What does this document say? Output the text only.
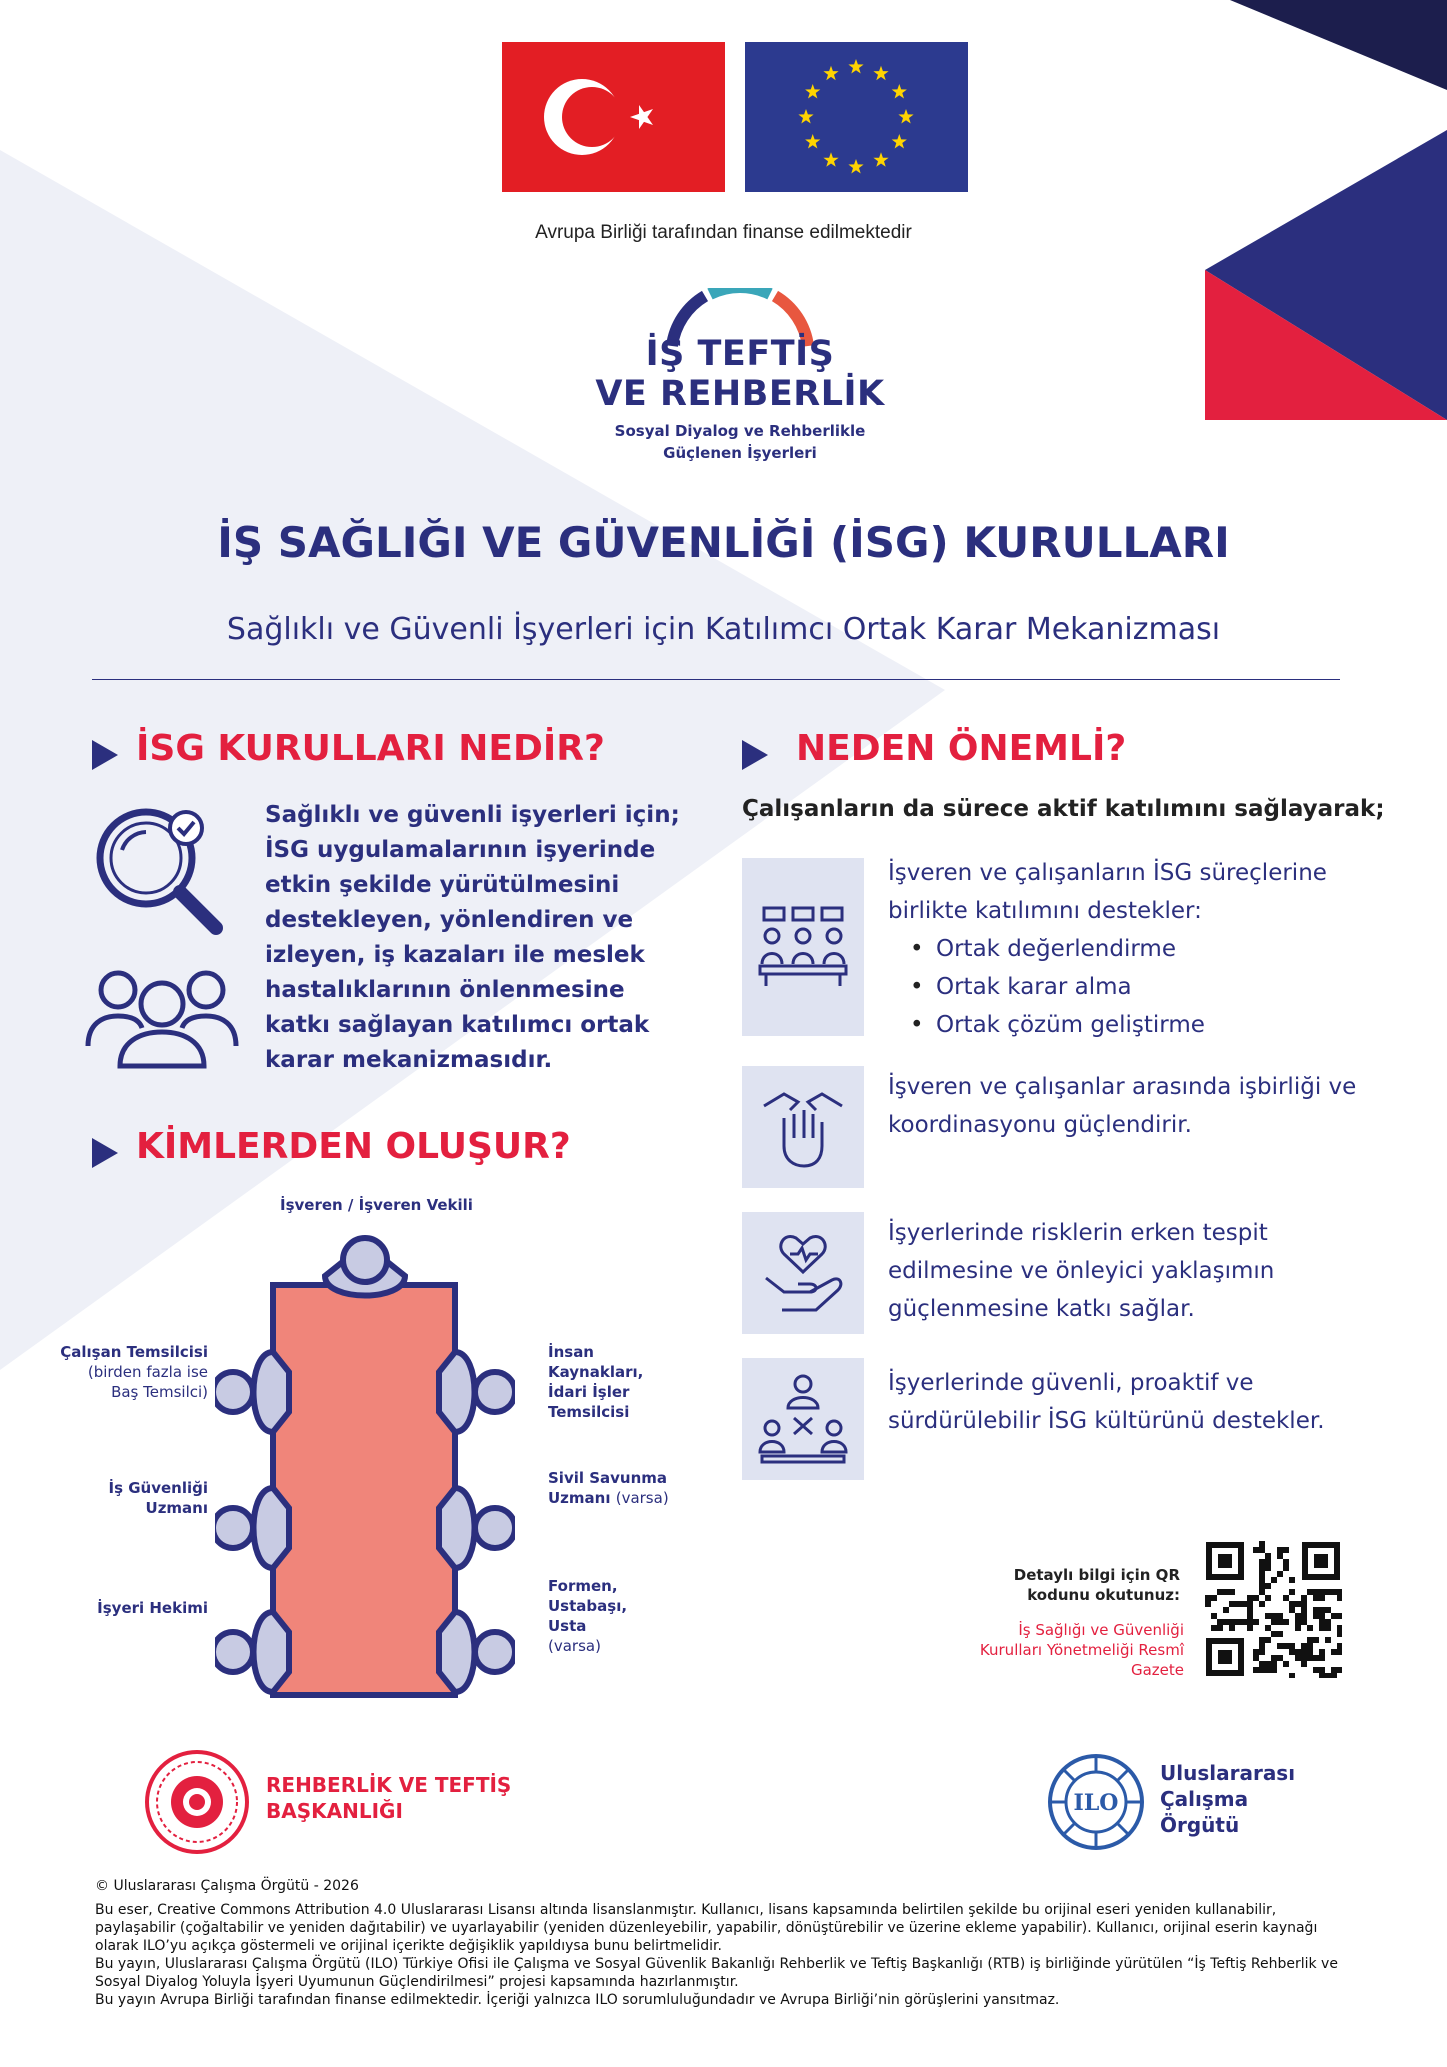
Avrupa Birliği tarafından finanse edilmektedir
İŞ TEFTİŞ
VE REHBERLİK
Sosyal Diyalog ve Rehberlikle
Güçlenen İşyerleri
İŞ SAĞLIĞI VE GÜVENLİĞİ (İSG) KURULLARI
Sağlıklı ve Güvenli İşyerleri için Katılımcı Ortak Karar Mekanizması
İSG KURULLARI NEDİR?
Sağlıklı ve güvenli işyerleri için; İSG uygulamalarının işyerinde etkin şekilde yürütülmesini destekleyen, yönlendiren ve izleyen, iş kazaları ile meslek hastalıklarının önlenmesine katkı sağlayan katılımcı ortak karar mekanizmasıdır.
KİMLERDEN OLUŞUR?
İşveren / İşveren Vekili
Çalışan Temsilcisi
(birden fazla ise Baş Temsilci)
İş Güvenliği Uzmanı
İşyeri Hekimi
İnsan Kaynakları, İdari İşler Temsilcisi
Sivil Savunma Uzmanı (varsa)
Formen, Ustabaşı, Usta
(varsa)
NEDEN ÖNEMLİ?
Çalışanların da sürece aktif katılımını sağlayarak;
İşveren ve çalışanların İSG süreçlerine birlikte katılımını destekler:
• Ortak değerlendirme
• Ortak karar alma
• Ortak çözüm geliştirme
İşveren ve çalışanlar arasında işbirliği ve koordinasyonu güçlendirir.
İşyerlerinde risklerin erken tespit edilmesine ve önleyici yaklaşımın güçlenmesine katkı sağlar.
İşyerlerinde güvenli, proaktif ve sürdürülebilir İSG kültürünü destekler.
Detaylı bilgi için QR kodunu okutunuz:
İş Sağlığı ve Güvenliği Kurulları Yönetmeliği Resmî Gazete
REHBERLİK VE TEFTİŞ
BAŞKANLIĞI	ILO
Uluslararası
Çalışma
Örgütü
© Uluslararası Çalışma Örgütü - 2026
Bu eser, Creative Commons Attribution 4.0 Uluslararası Lisansı altında lisanslanmıştır. Kullanıcı, lisans kapsamında belirtilen şekilde bu orijinal eseri yeniden kullanabilir, paylaşabilir (çoğaltabilir ve yeniden dağıtabilir) ve uyarlayabilir (yeniden düzenleyebilir, yapabilir, dönüştürebilir ve üzerine ekleme yapabilir). Kullanıcı, orijinal eserin kaynağı olarak ILO’yu açıkça göstermeli ve orijinal içerikte değişiklik yapıldıysa bunu belirtmelidir.
Bu yayın, Uluslararası Çalışma Örgütü (ILO) Türkiye Ofisi ile Çalışma ve Sosyal Güvenlik Bakanlığı Rehberlik ve Teftiş Başkanlığı (RTB) iş birliğinde yürütülen “İş Teftiş Rehberlik ve Sosyal Diyalog Yoluyla İşyeri Uyumunun Güçlendirilmesi” projesi kapsamında hazırlanmıştır.
Bu yayın Avrupa Birliği tarafından finanse edilmektedir. İçeriği yalnızca ILO sorumluluğundadır ve Avrupa Birliği’nin görüşlerini yansıtmaz.
